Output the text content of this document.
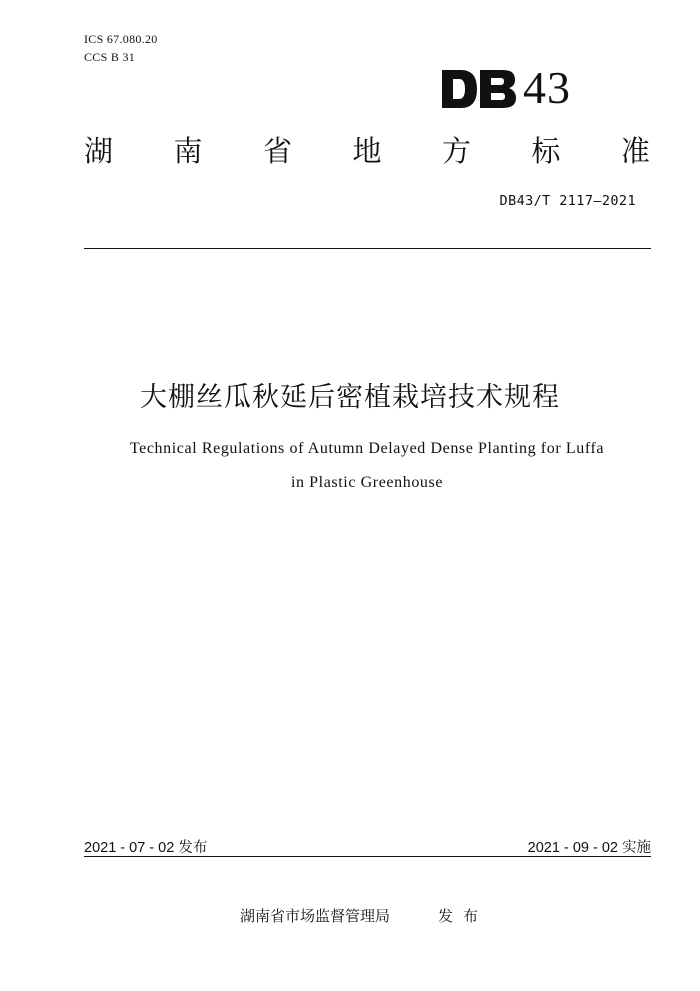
ICS 67.080.20
CCS B 31
43
湖 南 省 地 方 标 准
DB43/T 2117—2021
大棚丝瓜秋延后密植栽培技术规程
Technical Regulations of Autumn Delayed Dense Planting for Luffa
in Plastic Greenhouse
2021 - 07 - 02 发布	2021 - 09 - 02 实施
湖南省市场监督管理局	发布
